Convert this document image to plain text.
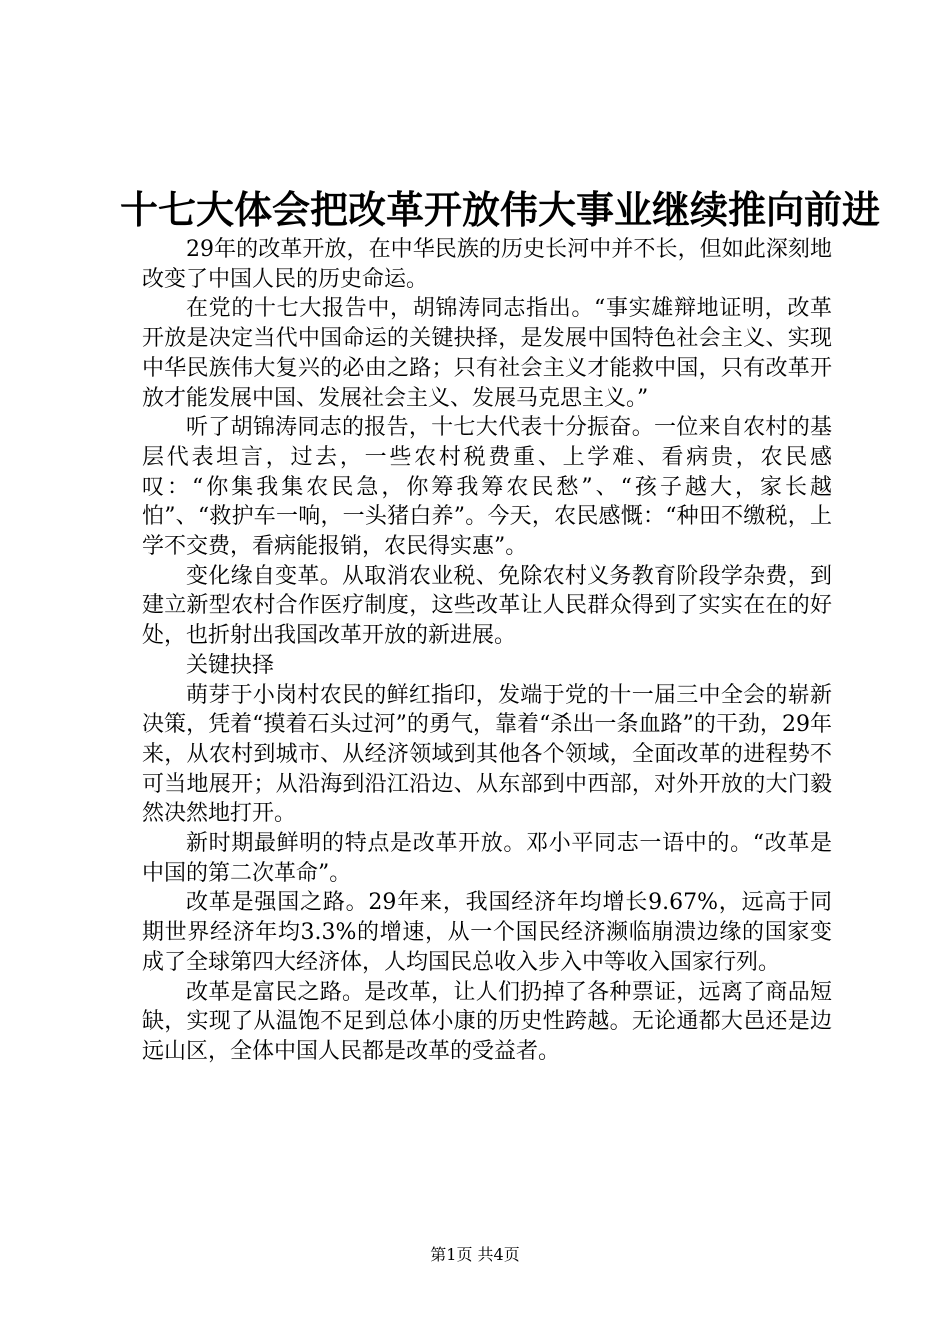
十七大体会把改革开放伟大事业继续推向前进

29年的改革开放，在中华民族的历史长河中并不长，但如此深刻地改变了中国人民的历史命运。

在党的十七大报告中，胡锦涛同志指出。“事实雄辩地证明，改革开放是决定当代中国命运的关键抉择，是发展中国特色社会主义、实现中华民族伟大复兴的必由之路；只有社会主义才能救中国，只有改革开放才能发展中国、发展社会主义、发展马克思主义。”

听了胡锦涛同志的报告，十七大代表十分振奋。一位来自农村的基层代表坦言，过去，一些农村税费重、上学难、看病贵，农民感叹：“你集我集农民急，你筹我筹农民愁”、“孩子越大，家长越怕”、“救护车一响，一头猪白养”。今天，农民感慨：“种田不缴税，上学不交费，看病能报销，农民得实惠”。

变化缘自变革。从取消农业税、免除农村义务教育阶段学杂费，到建立新型农村合作医疗制度，这些改革让人民群众得到了实实在在的好处，也折射出我国改革开放的新进展。

关键抉择

萌芽于小岗村农民的鲜红指印，发端于党的十一届三中全会的崭新决策，凭着“摸着石头过河”的勇气，靠着“杀出一条血路”的干劲，29年来，从农村到城市、从经济领域到其他各个领域，全面改革的进程势不可当地展开；从沿海到沿江沿边、从东部到中西部，对外开放的大门毅然决然地打开。

新时期最鲜明的特点是改革开放。邓小平同志一语中的。“改革是中国的第二次革命”。

改革是强国之路。29年来，我国经济年均增长9.67%，远高于同期世界经济年均3.3%的增速，从一个国民经济濒临崩溃边缘的国家变成了全球第四大经济体，人均国民总收入步入中等收入国家行列。

改革是富民之路。是改革，让人们扔掉了各种票证，远离了商品短缺，实现了从温饱不足到总体小康的历史性跨越。无论通都大邑还是边远山区，全体中国人民都是改革的受益者。

第1页 共4页
